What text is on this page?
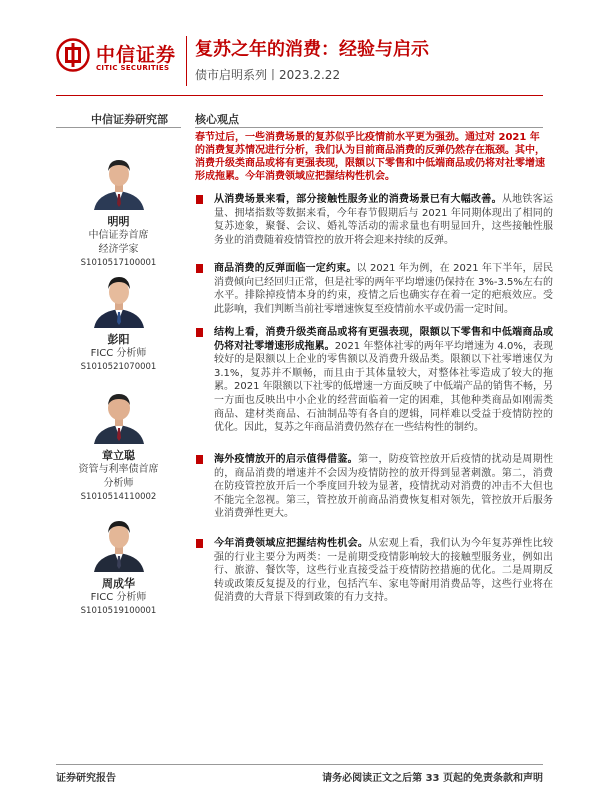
中信证券
CITIC SECURITIES
复苏之年的消费：经验与启示
债市启明系列丨2023.2.22
中信证券研究部 核心观点
明明
中信证券首席
经济学家
S1010517100001
彭阳
FICC 分析师
S1010521070001
章立聪
资管与利率债首席
分析师
S1010514110002
周成华
FICC 分析师
S1010519100001
春节过后，一些消费场景的复苏似乎比疫情前水平更为强劲。通过对 2021 年的消费复苏情况进行分析，我们认为目前商品消费的反弹仍然存在瓶颈。其中，消费升级类商品或将有更强表现，限额以下零售和中低端商品或仍将对社零增速形成拖累。今年消费领域应把握结构性机会。
从消费场景来看，部分接触性服务业的消费场景已有大幅改善。从地铁客运量、拥堵指数等数据来看，今年春节假期后与 2021 年同期体现出了相同的复苏迹象，聚餐、会议、婚礼等活动的需求量也有明显回升，这些接触性服务业的消费随着疫情管控的放开将会迎来持续的反弹。
商品消费的反弹面临一定约束。以 2021 年为例，在 2021 年下半年，居民消费倾向已经回归正常，但是社零的两年平均增速仍保持在 3%-3.5%左右的水平。排除掉疫情本身的约束，疫情之后也确实存在着一定的疤痕效应。受此影响，我们判断当前社零增速恢复至疫情前水平或仍需一定时间。
结构上看，消费升级类商品或将有更强表现，限额以下零售和中低端商品或仍将对社零增速形成拖累。2021 年整体社零的两年平均增速为 4.0%，表现较好的是限额以上企业的零售额以及消费升级品类。限额以下社零增速仅为 3.1%，复苏并不顺畅，而且由于其体量较大，对整体社零造成了较大的拖累。2021 年限额以下社零的低增速一方面反映了中低端产品的销售不畅，另一方面也反映出中小企业的经营面临着一定的困难，其他种类商品如刚需类商品、建材类商品、石油制品等有各自的逻辑，同样难以受益于疫情防控的优化。因此，复苏之年商品消费仍然存在一些结构性的制约。
海外疫情放开的启示值得借鉴。第一，防疫管控放开后疫情的扰动是周期性的，商品消费的增速并不会因为疫情防控的放开得到显著刺激。第二，消费在防疫管控放开后一个季度回升较为显著，疫情扰动对消费的冲击不大但也不能完全忽视。第三，管控放开前商品消费恢复相对领先，管控放开后服务业消费弹性更大。
今年消费领域应把握结构性机会。从宏观上看，我们认为今年复苏弹性比较强的行业主要分为两类：一是前期受疫情影响较大的接触型服务业，例如出行、旅游、餐饮等，这些行业直接受益于疫情防控措施的优化。二是周期反转或政策反复提及的行业，包括汽车、家电等耐用消费品等，这些行业将在促消费的大背景下得到政策的有力支持。
证券研究报告	请务必阅读正文之后第 33 页起的免责条款和声明
